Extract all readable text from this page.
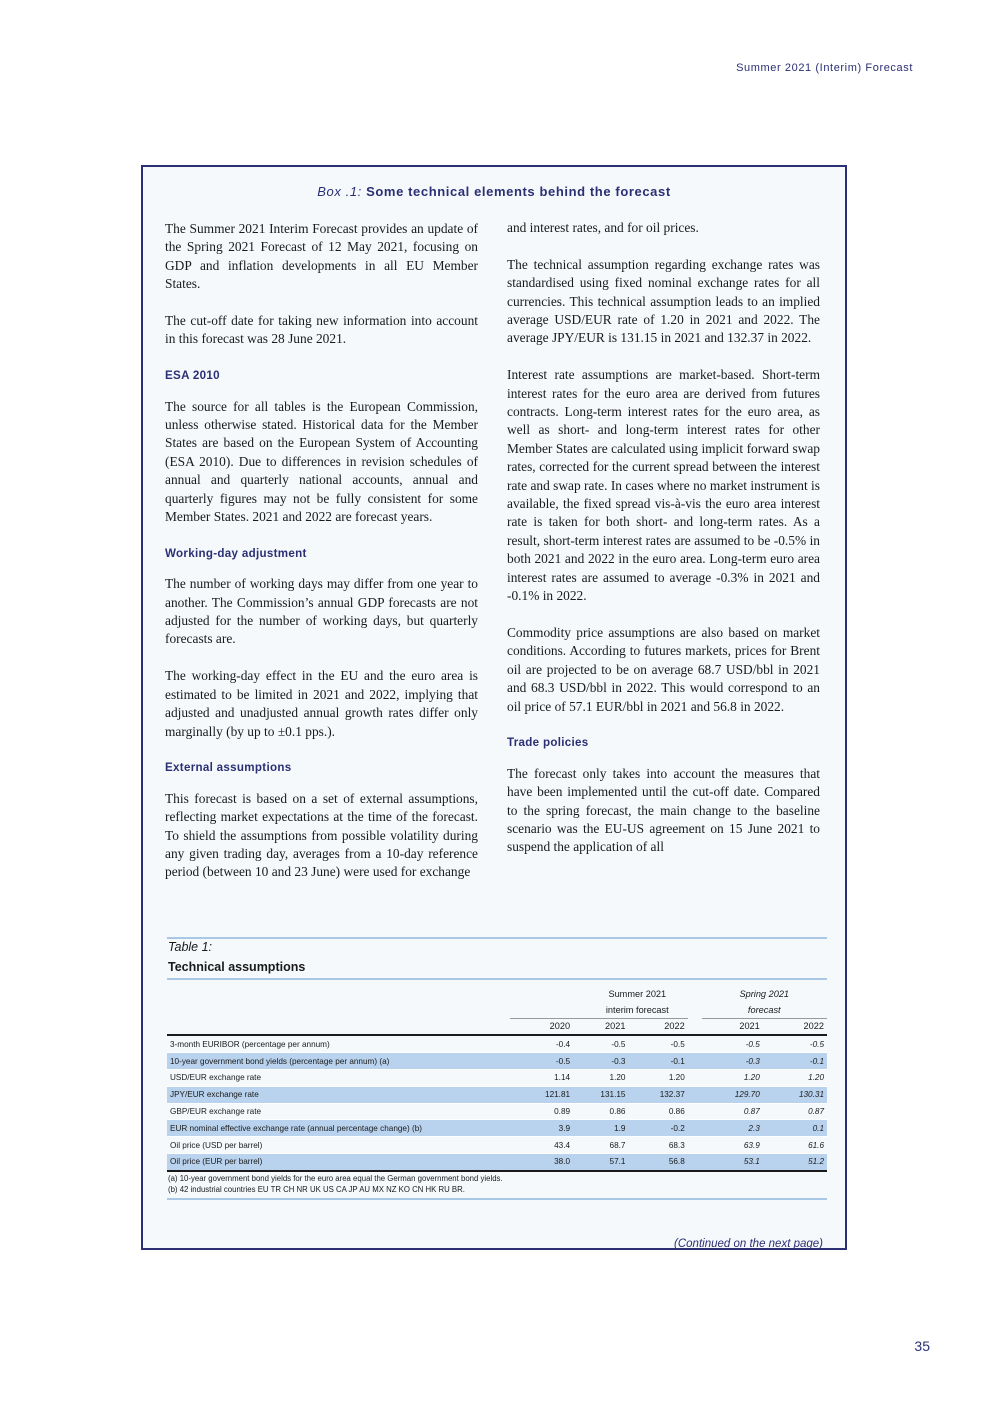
Summer 2021 (Interim) Forecast
Box .1: Some technical elements behind the forecast

The Summer 2021 Interim Forecast provides an update of the Spring 2021 Forecast of 12 May 2021, focusing on GDP and inflation developments in all EU Member States.

The cut-off date for taking new information into account in this forecast was 28 June 2021.

ESA 2010

The source for all tables is the European Commission, unless otherwise stated. Historical data for the Member States are based on the European System of Accounting (ESA 2010). Due to differences in revision schedules of annual and quarterly national accounts, annual and quarterly figures may not be fully consistent for some Member States. 2021 and 2022 are forecast years.

Working-day adjustment

The number of working days may differ from one year to another. The Commission’s annual GDP forecasts are not adjusted for the number of working days, but quarterly forecasts are.

The working-day effect in the EU and the euro area is estimated to be limited in 2021 and 2022, implying that adjusted and unadjusted annual growth rates differ only marginally (by up to ±0.1 pps.).

External assumptions

This forecast is based on a set of external assumptions, reflecting market expectations at the time of the forecast. To shield the assumptions from possible volatility during any given trading day, averages from a 10-day reference period (between 10 and 23 June) were used for exchange

and interest rates, and for oil prices.

The technical assumption regarding exchange rates was standardised using fixed nominal exchange rates for all currencies. This technical assumption leads to an implied average USD/EUR rate of 1.20 in 2021 and 2022. The average JPY/EUR is 131.15 in 2021 and 132.37 in 2022.

Interest rate assumptions are market-based. Short-term interest rates for the euro area are derived from futures contracts. Long-term interest rates for the euro area, as well as short- and long-term interest rates for other Member States are calculated using implicit forward swap rates, corrected for the current spread between the interest rate and swap rate. In cases where no market instrument is available, the fixed spread vis-à-vis the euro area interest rate is taken for both short- and long-term rates. As a result, short-term interest rates are assumed to be -0.5% in both 2021 and 2022 in the euro area. Long-term euro area interest rates are assumed to average -0.3% in 2021 and -0.1% in 2022.

Commodity price assumptions are also based on market conditions. According to futures markets, prices for Brent oil are projected to be on average 68.7 USD/bbl in 2021 and 68.3 USD/bbl in 2022. This would correspond to an oil price of 57.1 EUR/bbl in 2021 and 56.8 in 2022.

Trade policies

The forecast only takes into account the measures that have been implemented until the cut-off date. Compared to the spring forecast, the main change to the baseline scenario was the EU-US agreement on 15 June 2021 to suspend the application of all

Table 1:
Technical assumptions
		Summer 2021			Spring 2021	
		interim forecast			forecast	
	2020	2021	2022		2021	2022
3-month EURIBOR (percentage per annum)	-0.4	-0.5	-0.5		-0.5	-0.5
10-year government bond yields (percentage per annum) (a)	-0.5	-0.3	-0.1		-0.3	-0.1
USD/EUR exchange rate	1.14	1.20	1.20		1.20	1.20
JPY/EUR exchange rate	121.81	131.15	132.37		129.70	130.31
GBP/EUR exchange rate	0.89	0.86	0.86		0.87	0.87
EUR nominal effective exchange rate (annual percentage change) (b)	3.9	1.9	-0.2		2.3	0.1
Oil price (USD per barrel)	43.4	68.7	68.3		63.9	61.6
Oil price (EUR per barrel)	38.0	57.1	56.8		53.1	51.2
(a) 10-year government bond yields for the euro area equal the German government bond yields.
(b) 42 industrial countries EU TR CH NR UK US CA JP AU MX NZ KO CN HK RU BR.
(Continued on the next page)
35
